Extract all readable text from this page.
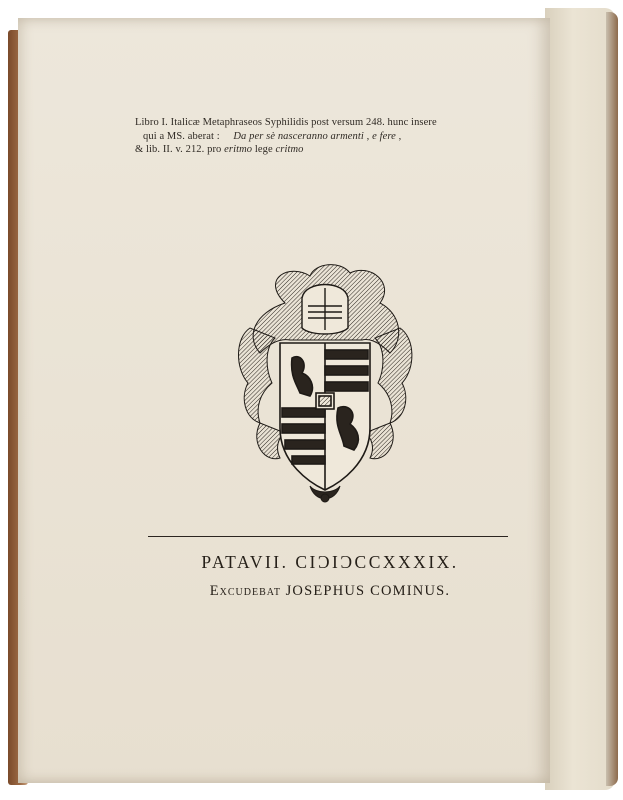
Libro I. Italicæ Metaphraseos Syphilidis post versum 248. hunc insere
qui a MS. aberat : Da per sè nasceranno armenti , e fere ,
& lib. II. v. 212. pro eritmo lege critmo
PATAVII. CIƆIƆCCXXXIX.
Excudebat JOSEPHUS COMINUS.
